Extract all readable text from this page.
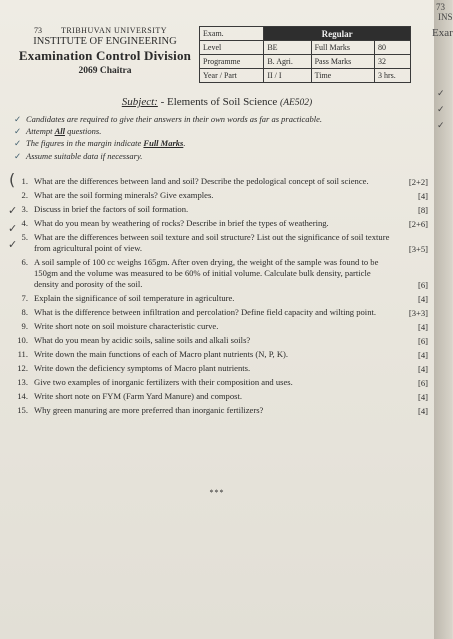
TRIBHUVAN UNIVERSITY
INSTITUTE OF ENGINEERING
Examination Control Division
2069 Chaitra
73	Exam.	Regular		
Level	BE	Full Marks	80
Programme	B. Agri.	Pass Marks	32
Year / Part	II / I	Time	3 hrs.
Subject: - Elements of Soil Science (AE502)
✓ Candidates are required to give their answers in their own words as far as practicable.
✓ Attempt All questions.
✓ The figures in the margin indicate Full Marks.
✓ Assume suitable data if necessary.
1. What are the differences between land and soil? Describe the pedological concept of soil science.	[2+2]
2. What are the soil forming minerals? Give examples.	[4]
3. Discuss in brief the factors of soil formation.	[8]
4. What do you mean by weathering of rocks? Describe in brief the types of weathering.	[2+6]
5. What are the differences between soil texture and soil structure? List out the significance of soil texture from agricultural point of view.	[3+5]
6. A soil sample of 100 cc weighs 165gm. After oven drying, the weight of the sample was found to be 150gm and the volume was measured to be 60% of initial volume. Calculate bulk density, particle density and porosity of the soil.	[6]
7. Explain the significance of soil temperature in agriculture.	[4]
8. What is the difference between infiltration and percolation? Define field capacity and wilting point.	[3+3]
9. Write short note on soil moisture characteristic curve.	[4]
10. What do you mean by acidic soils, saline soils and alkali soils?	[6]
11. Write down the main functions of each of Macro plant nutrients (N, P, K).	[4]
12. Write down the deficiency symptoms of Macro plant nutrients.	[4]
13. Give two examples of inorganic fertilizers with their composition and uses.	[6]
14. Write short note on FYM (Farm Yard Manure) and compost.	[4]
15. Why green manuring are more preferred than inorganic fertilizers?	[4]
***
(
✓
✓
✓
73
INS
Exar
✓
✓
✓
